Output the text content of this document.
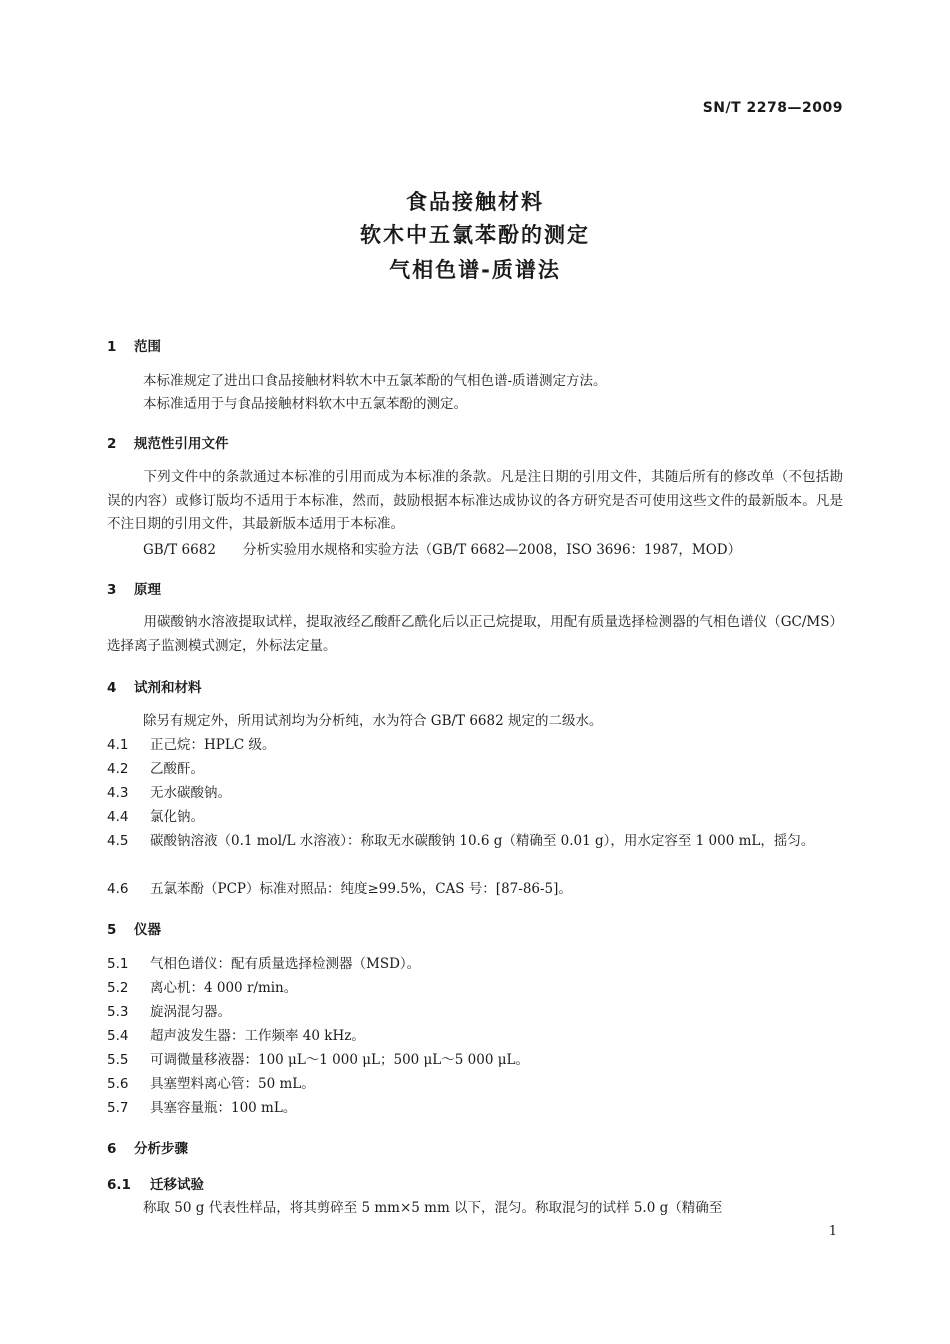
SN/T 2278—2009
食品接触材料
软木中五氯苯酚的测定
气相色谱-质谱法
1 范围
本标准规定了进出口食品接触材料软木中五氯苯酚的气相色谱-质谱测定方法。
本标准适用于与食品接触材料软木中五氯苯酚的测定。
2 规范性引用文件

下列文件中的条款通过本标准的引用而成为本标准的条款。凡是注日期的引用文件，其随后所有的修改单（不包括勘误的内容）或修订版均不适用于本标准，然而，鼓励根据本标准达成协议的各方研究是否可使用这些文件的最新版本。凡是不注日期的引用文件，其最新版本适用于本标准。

GB/T 6682 分析实验用水规格和实验方法（GB/T 6682—2008，ISO 3696：1987，MOD）
3 原理

用碳酸钠水溶液提取试样，提取液经乙酸酐乙酰化后以正己烷提取，用配有质量选择检测器的气相色谱仪（GC/MS）选择离子监测模式测定，外标法定量。

4 试剂和材料
除另有规定外，所用试剂均为分析纯，水为符合 GB/T 6682 规定的二级水。
4.1 正己烷：HPLC 级。
4.2 乙酸酐。
4.3 无水碳酸钠。
4.4 氯化钠。
4.5 碳酸钠溶液（0.1 mol/L 水溶液）：称取无水碳酸钠 10.6 g（精确至 0.01 g），用水定容至 1 000 mL，摇匀。
4.6 五氯苯酚（PCP）标准对照品：纯度≥99.5%，CAS 号：[87-86-5]。
5 仪器
5.1 气相色谱仪：配有质量选择检测器（MSD）。
5.2 离心机：4 000 r/min。
5.3 旋涡混匀器。
5.4 超声波发生器：工作频率 40 kHz。
5.5 可调微量移液器：100 μL～1 000 μL；500 μL～5 000 μL。
5.6 具塞塑料离心管：50 mL。
5.7 具塞容量瓶：100 mL。
6 分析步骤
6.1 迁移试验
称取 50 g 代表性样品，将其剪碎至 5 mm×5 mm 以下，混匀。称取混匀的试样 5.0 g（精确至
1
